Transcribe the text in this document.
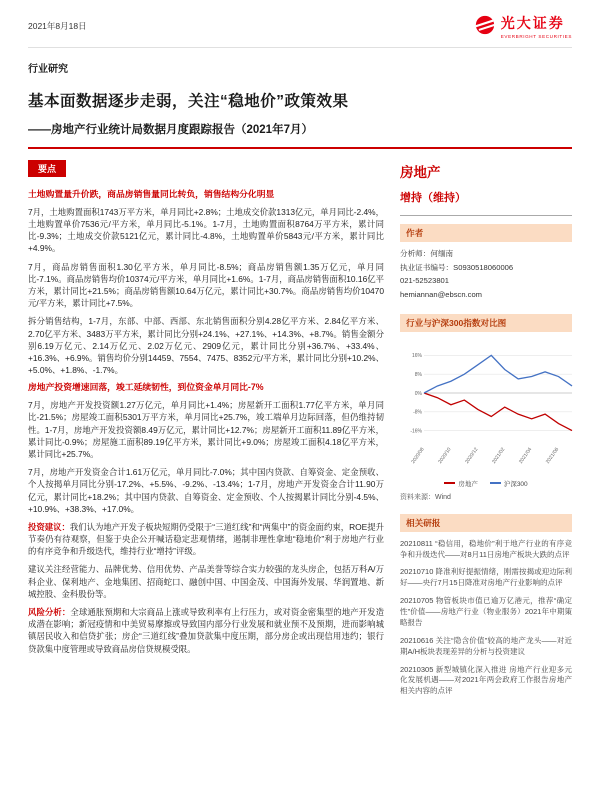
2021年8月18日	光大证券
EVERBRIGHT SECURITIES
行业研究
基本面数据逐步走弱，关注“稳地价”政策效果
——房地产行业统计局数据月度跟踪报告（2021年7月）
要点
土地购置量升价跌，商品房销售量同比转负，销售结构分化明显

7月，土地购置面积1743万平方米，单月同比+2.8%；土地成交价款1313亿元，单月同比-2.4%，土地购置单价7536元/平方米，单月同比-5.1%。1-7月，土地购置面积8764万平方米，累计同比-9.3%；土地成交价款5121亿元，累计同比-4.8%，土地购置单价5843元/平方米，累计同比+4.9%。

7月，商品房销售面积1.30亿平方米，单月同比-8.5%；商品房销售额1.35万亿元，单月同比-7.1%。商品房销售均价10374元/平方米，单月同比+1.6%。1-7月，商品房销售面积10.16亿平方米，累计同比+21.5%；商品房销售额10.64万亿元，累计同比+30.7%。商品房销售均价10470元/平方米，累计同比+7.5%。

拆分销售结构，1-7月，东部、中部、西部、东北销售面积分别4.28亿平方米、2.84亿平方米、2.70亿平方米、3483万平方米，累计同比分别+24.1%、+27.1%、+14.3%、+8.7%。销售金额分别6.19万亿元、2.14万亿元、2.02万亿元、2909亿元，累计同比分别+36.7%、+33.4%、+16.3%、+6.9%。销售均价分别14459、7554、7475、8352元/平方米，累计同比分别+10.2%、+5.0%、+1.8%、-1.7%。

房地产投资增速回落，竣工延续韧性，到位资金单月同比-7%

7月，房地产开发投资额1.27万亿元，单月同比+1.4%；房屋新开工面积1.77亿平方米，单月同比-21.5%；房屋竣工面积5301万平方米，单月同比+25.7%，竣工端单月边际回落，但仍维持韧性。1-7月，房地产开发投资额8.49万亿元，累计同比+12.7%；房屋新开工面积11.89亿平方米，累计同比-0.9%；房屋施工面积89.19亿平方米，累计同比+9.0%；房屋竣工面积4.18亿平方米，累计同比+25.7%。

7月，房地产开发资金合计1.61万亿元，单月同比-7.0%；其中国内贷款、自筹资金、定金预收、个人按揭单月同比分别-17.2%、+5.5%、-9.2%、-13.4%；1-7月，房地产开发资金合计11.90万亿元，累计同比+18.2%；其中国内贷款、自筹资金、定金预收、个人按揭累计同比分别-4.5%、+10.9%、+38.3%、+17.0%。

投资建议：我们认为地产开发子板块短期仍受限于“三道红线”和“两集中”的资金面约束，ROE提升节奏仍有待观察，但鉴于央企公开喊话稳定悲观情绪，遏制非理性拿地“稳地价”利于房地产行业的有序竞争和升级迭代，维持行业“增持”评级。

建议关注经营能力、品牌优势、信用优势、产品美誉等综合实力较强的龙头房企，包括万科A/万科企业、保利地产、金地集团、招商蛇口、融创中国、中国金茂、中国海外发展、华润置地、新城控股、金科股份等。

风险分析：全球通胀预期和大宗商品上涨或导致利率有上行压力，或对资金密集型的地产开发造成潜在影响；新冠疫情和中美贸易摩擦或导致国内部分行业发展和就业预不及预期，进而影响城镇居民收入和信贷扩张；房企“三道红线”叠加贷款集中度压期，部分房企或出现信用违约；银行贷款集中度管理或导致商品房信贷规模受限。

房地产
增持（维持）
作者
分析师：何缅南
执业证书编号：S0930518060006
021-52523801
hemiannan@ebscn.com
行业与沪深300指数对比图
16%
8%
0%
-8%
-16%
2020/08 2020/10 2020/12 2021/02 2021/04 2021/06
房地产	沪深300
资料来源：Wind
相关研报
20210811 “稳信用，稳地价”利于地产行业的有序竞争和升级迭代——对8月11日房地产板块大跌的点评
20210710 降准利好提振情绪，刚需按揭或迎边际利好——央行7月15日降准对房地产行业影响的点评
20210705 物管板块市值已逾万亿港元，推荐“确定性”价值——房地产行业（物业服务）2021年中期策略报告
20210616 关注“隐含价值”较高的地产龙头——对近期A/H板块表现差异的分析与投资建议
20210305 新型城镇化深入推进 房地产行业迎多元化发展机遇——对2021年两会政府工作报告房地产相关内容的点评
